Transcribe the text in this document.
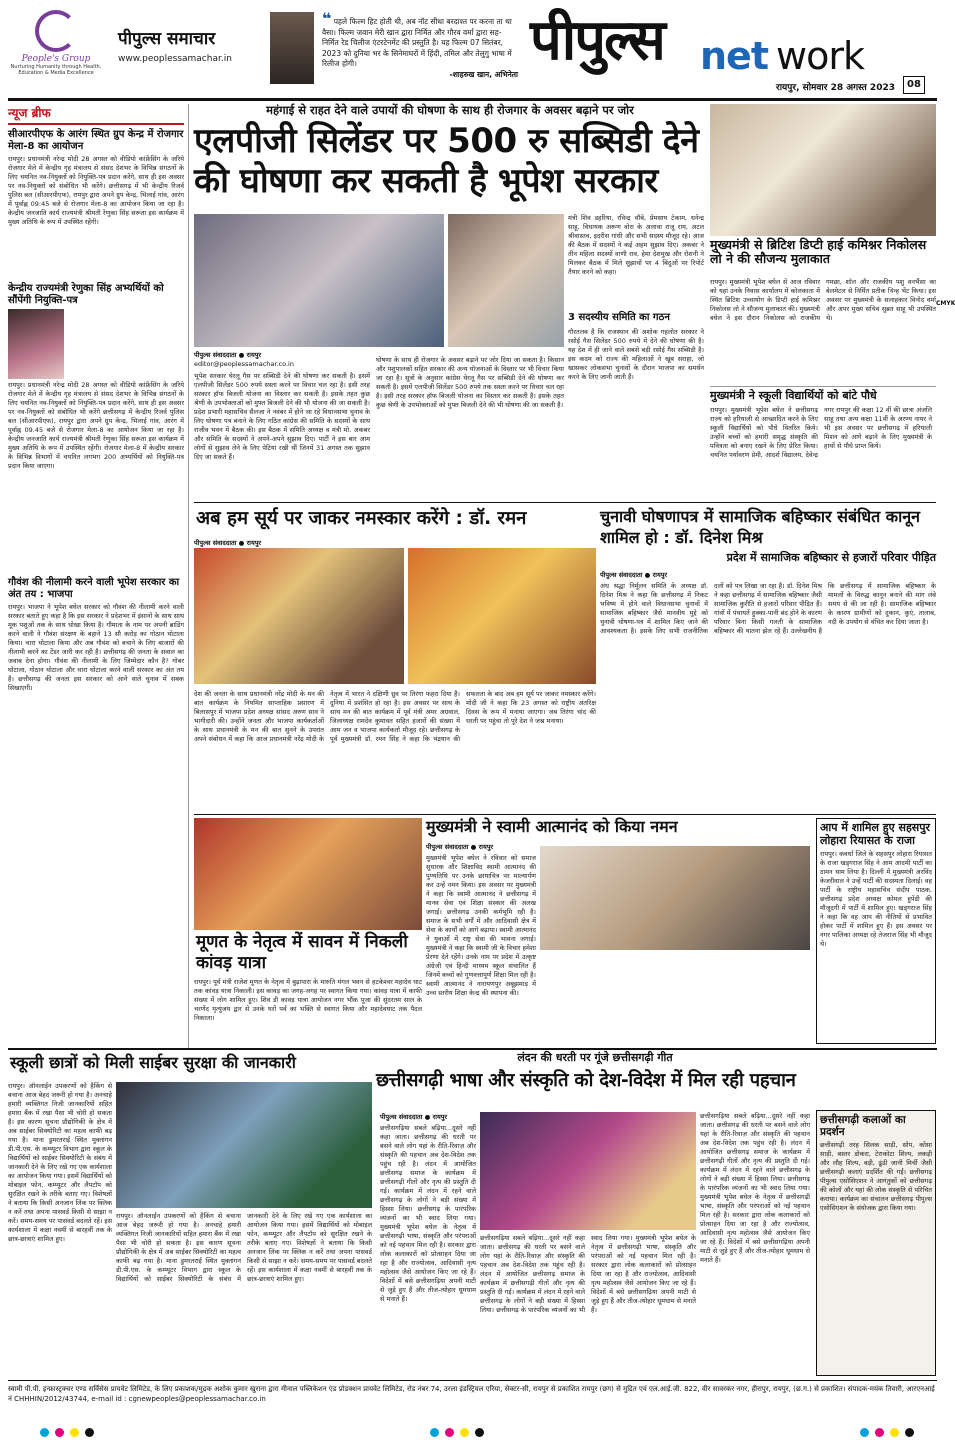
People's Group
Nurturing Humanity through Health, Education & Media Excellence
पीपुल्स समाचार
www.peoplessamachar.in
❝ पहले फिल्म हिट होती थी, अब नॉट सीधा बरदाश्त पर करना ता था वैसा। फिल्म जवान मेरी खान द्वारा निर्मित और गौरव वर्मा द्वारा सह-निर्मित रेड चिलीज एंटरटेनमेंट की प्रस्तुति है। यह फिल्म 07 सितंबर, 2023 को दुनिया भर के सिनेमाघरों में हिंदी, तमिल और तेलुगु भाषा में रिलीज होगी।
-शाहरुख खान, अभिनेता
पीपुल्स net work
रायपुर, सोमवार 28 अगस्त 2023	08
न्यूज ब्रीफ
सीआरपीएफ के आरंग स्थित ग्रुप केन्द्र में रोजगार मेला-8 का आयोजन
रायपुर। प्रधानमंत्री नरेन्द्र मोदी 28 अगस्त को वीडियो कांफ्रेंसिंग के जरिये रोजगार मेले में केन्द्रीय गृह मंत्रालय से संसद देशभर के विभिन्न संगठनों के लिए चयनित नव-नियुक्तों को नियुक्ति-पत्र प्रदान करेंगे, साथ ही इस अवसर पर नव-नियुक्तों को संबोधित भी करेंगे। छत्तीसगढ़ में भी केन्द्रीय रिजर्व पुलिस बल (सीआरपीएफ), रायपुर द्वारा अपने ग्रुप केन्द्र, भिलाई गांव, आरंग में पूर्वाह्न 09:45 बजे से रोजगार मेला-8 का आयोजन किया जा रहा है। केन्द्रीय जनजाति कार्य राज्यमंत्री श्रीमती रेणुका सिंह सरूता इस कार्यक्रम में मुख्य अतिथि के रूप में उपस्थित रहेंगी।
केन्द्रीय राज्यमंत्री रेणुका सिंह अभ्यर्थियों को सौंपेंगी नियुक्ति-पत्र
रायपुर। प्रधानमंत्री नरेन्द्र मोदी 28 अगस्त को वीडियो कांफ्रेंसिंग के जरिये रोजगार मेले में केन्द्रीय गृह मंत्रालय से संसद देशभर के विभिन्न संगठनों के लिए चयनित नव-नियुक्तों को नियुक्ति-पत्र प्रदान करेंगे, साथ ही इस अवसर पर नव-नियुक्तों को संबोधित भी करेंगे छत्तीसगढ़ में केन्द्रीय रिजर्व पुलिस बल (सीआरपीएफ), रायपुर द्वारा अपने ग्रुप केन्द्र, भिलाई गांव, आरंग में पूर्वाह्न 09.45 बजे से रोजगार मेला-8 का आयोजन किया जा रहा है। केन्द्रीय जनजाति कार्य राज्यमंत्री श्रीमती रेणुका सिंह सरूता इस कार्यक्रम में मुख्य अतिथि के रूप में उपस्थित रहेंगी। रोजगार मेला-8 में केन्द्रीय सरकार के विभिन्न विभागों में चयनित लगभग 200 अभ्यर्थियों को नियुक्ति-पत्र प्रदान किया जाएगा।
गौवंश की नीलामी करने वाली भूपेश सरकार का अंत तय : भाजपा
रायपुर। भाजपा ने भूपेश बघेल सरकार को गौवंश की नीलामी करने वाली सरकार बताते हुए कहा है कि इस सरकार ने प्रदेशभर में इंसानों के साथ साथ मूक पशुओं तक के साथ धोखा किया है। गौमाता के नाम पर अपनी ब्राडिंग करने वाली ने गौवंश संरक्षण के बहाने 13 सौ करोड़ का गोठान घोटाला किया। चारा घोटाला किया और अब गौवंश को बचाने के लिए बाजारों की नीलामी करने का टेंडर जारी कर रही है। छत्तीसगढ़ की जनता के सवाल का जवाब देना होगा। गौवंश की नीलामी के लिए जिम्मेदार कौन है? गोबर घोटाला, गोठान घोटाला और चारा घोटाला करने वाली सरकार का अंत तय है। छत्तीसगढ़ की जनता इस सरकार को आने वाले चुनाव में सबक सिखाएगी।
महंगाई से राहत देने वाले उपायों की घोषणा के साथ ही रोजगार के अवसर बढ़ाने पर जोर
एलपीजी सिलेंडर पर 500 रु सब्सिडी देने की घोषणा कर सकती है भूपेश सरकार
पीपुल्स संवाददाता ● रायपुर
editor@peoplessamachar.co.in
भूपेश सरकार घेरलू गैस पर सब्सिडी देने की घोषणा कर सकती है। इसमें एलपीजी सिलेंडर 500 रुपये सस्ता करने पर विचार चल रहा है। इसी तरह सरकार हॉफ बिजली योजना का विस्तार कर सकती है। इसके तहत कुछ श्रेणी के उपभोक्ताओं को मुफ्त बिजली देने की भी योजना की जा सकती है। प्रदेश प्रभारी महासचिव सैलजा ने नवंबर में होने जा रहे विधानसभा चुनाव के लिए घोषणा पत्र बनाने के लिए गठित कांग्रेस की समिति के सदस्यों के साथ राजीव भवन में बैठक की। इस बैठक में समिति अध्यक्ष व मंत्री मो. अकबर और समिति के सदस्यों ने अपने-अपने सुझाव दिए। पार्टी ने इस बार आम लोगों से सुझाव लेने के लिए पेटियां रखी थीं जिनमें 31 अगस्त तक सुझाव दिए जा सकते हैं।
घोषणा के साथ ही रोजगार के अवसर बढ़ाने पर जोर दिया जा सकता है। किसान और पशुपालकों सहित सरकार की अन्य योजनाओं के विस्तार पर भी विचार किया जा रहा है। सूत्रों के अनुसार कांग्रेस घेरलू गैस पर सब्सिडी देने की घोषणा कर सकती है। इसमें एलपीजी सिलेंडर 500 रुपये तक सस्ता करने पर विचार चल रहा है। इसी तरह सरकार हॉफ बिजली योजना का विस्तार कर सकती है। इसके तहत कुछ श्रेणी के उपभोक्ताओं को मुफ्त बिजली देने की भी घोषणा की जा सकती है।
मंत्री शिव डहरिया, रविन्द्र चौबे, प्रेमसाय टेकाम, धनेन्द्र साहू, विधायक अरूण वोरा के अलावा राजू राय, अटल श्रीवास्तव, इदरीस गांधी और सभी सदस्य मौजूद रहे। आज की बैठक में सदस्यों ने कई अहम सुझाव दिए। अकबर ने तीन महिला सदस्यों वाणी राव, हेमा देशमुख और रोशनी ने मिलकर बैठक में मिले सुझावों पर 4 बिंदुओं पर रिपोर्ट तैयार करने को कहा।
3 सदस्यीय समिति का गठन
गौरतलब है कि राजस्थान की अशोक गहलोत सरकार ने रसोई गैस सिलेंडर 500 रुपये में देने की घोषणा की है। यह देश में ही जाने वाले सबसे बड़ी रसोई गैस सब्सिडी है। इस कदम को राज्य की महिलाओं ने खूब सराहा, जो खासकर लोकसभा चुनावों के दौरान भाजपा का समर्थन करने के लिए जानी जाती हैं।
मुख्यमंत्री से ब्रिटिश डिप्टी हाई कमिश्नर निकोलस लो ने की सौजन्य मुलाकात
रायपुर। मुख्यमंत्री भूपेश बघेल से आज रविवार को यहां उनके निवास कार्यालय में कोलकाता में स्थित ब्रिटिश उच्चायोग के डिप्टी हाई कमिश्नर निकोलस लो ने सौजन्य मुलाकात की। मुख्यमंत्री बघेल ने इस दौरान निकोलस को राजकीय गमछा, शॉल और राजकीय पशु वनभैंसा का बेलमेटल से निर्मित प्रतीक चिन्ह भेंट किया। इस अवसर पर मुख्यमंत्री के सलाहकार विनोद वर्मा और अपर मुख्य सचिव सुब्रत साहू भी उपस्थित थे।
मुख्यमंत्री ने स्कूली विद्यार्थियों को बांटे पौधे
रायपुर। मुख्यमंत्री भूपेश बघेल ने छत्तीसगढ़ राज्य को हरियाली से आच्छादित करने के लिए स्कूली विद्यार्थियों को पौधे वितरित किये। उन्होंने बच्चों को हमारी समृद्ध संस्कृति की पवित्रता को बनाए रखने के लिए प्रेरित किया। चयनित पर्यावरण प्रेमी, आदर्श विद्यालय, देवेन्द्र नगर रायपुर की कक्षा 12 वीं की छात्रा अंजलि साहू तथा अन्य कक्षा 11वीं के अरण्य नायर ने भी इस अवसर पर छत्तीसगढ़ में हरियाली मिशन को आगे बढ़ाने के लिए मुख्यमंत्री के हाथों से पौधे प्राप्त किये।
CMYK
अब हम सूर्य पर जाकर नमस्कार करेंगे : डॉ. रमन
पीपुल्स संवाददाता ● रायपुर
देश की जनता के साथ प्रधानमंत्री नरेंद्र मोदी के मन की बात कार्यक्रम के नियमित साप्ताहिक प्रसारण में बिलासपुर में भाजपा प्रदेश अध्यक्ष सांसद अरुण साव ने भागीदारी की। उन्होंने जनता और भाजपा कार्यकर्ताओं के साथ प्रधानमंत्री के मन की बात सुनने के उपरांत अपने संबोधन में कहा कि आज प्रधानमंत्री नरेंद्र मोदी के नेतृत्व में भारत ने दक्षिणी ध्रुव पर तिरंगा फहरा दिया है। दुनिया में प्रशंसित हो रहा है। इस अवसर पर साथ के साथ मन की बात कार्यक्रम में पूर्व मंत्री अमर अग्रवाल, जिलाध्यक्ष रामदेव कुमावत सहित हजारों की संख्या में आम जन व भाजपा कार्यकर्ता मौजूद रहे। छत्तीसगढ़ के पूर्व मुख्यमंत्री डॉ. रमन सिंह ने कहा कि चंद्रयान की सफलता के बाद अब हम सूर्य पर जाकर नमस्कार करेंगे। मोदी जी ने कहा कि 23 अगस्त को राष्ट्रीय अंतरिक्ष दिवस के रूप में मनाया जाएगा। जब तिरंगा चांद की धरती पर पहुंचा तो पूरे देश ने जश्न मनाया।
चुनावी घोषणापत्र में सामाजिक बहिष्कार संबंधित कानून शामिल हो : डॉ. दिनेश मिश्र
प्रदेश में सामाजिक बहिष्कार से हजारों परिवार पीड़ित
पीपुल्स संवाददाता ● रायपुर
अंध श्रद्धा निर्मूलन समिति के अध्यक्ष डॉ. दिनेश मिश्र ने कहा कि छत्तीसगढ़ में निकट भविष्य में होने वाले विधानसभा चुनावों में सामाजिक बहिष्कार जैसे मानवीय मुद्दे को चुनावी घोषणा-पत्र में शामिल किए जाने की आवश्यकता है। इसके लिए सभी राजनीतिक दलों को पत्र लिखा जा रहा है। डॉ. दिनेश मिश्र ने कहा छत्तीसगढ़ में सामाजिक बहिष्कार जैसी सामाजिक कुरीति से हजारों परिवार पीड़ित हैं। गांवों में पंचायतें हुक्का-पानी बंद होने के कारण परिवार बिना किसी गलती के सामाजिक बहिष्कार की यातना झेल रहे हैं। उल्लेखनीय है कि छत्तीसगढ़ में सामाजिक बहिष्कार के मामलों के विरुद्ध कानून बनाने की मांग लंबे समय से की जा रही है। सामाजिक बहिष्कार के कारण ग्रामीणों को दुकान, कुएं, तालाब, नदी के उपयोग से वंचित कर दिया जाता है।
मूणत के नेतृत्व में सावन में निकली कांवड़ यात्रा
रायपुर। पूर्व मंत्री राजेश मूणत के नेतृत्व में बुढ़ापारा के मारुति मंगल भवन से हटकेश्वर महादेव घाट तक कांवड़ यात्रा निकाली। इस कावड़ का जगह-जगह पर स्वागत किया गया। कांवड़ यात्रा में काफी संख्या में लोग शामिल हुए। शिव डी कावड़ यात्रा आयोजन नगर भौंक पूजा की सुंदरतम साल के चरणेंद मृत्युंजय द्वार से उनके घरों पर्व का भक्ति से स्वागत किया और महादेवघाट तक पैदल निकाला।
मुख्यमंत्री ने स्वामी आत्मानंद को किया नमन
पीपुल्स संवाददाता ● रायपुर
मुख्यमंत्री भूपेश बघेल ने रविवार को समाज सुधारक और शिक्षाविद स्वामी आत्मानंद की पुण्यतिथि पर उनके छायाचित्र पर माल्यार्पण कर उन्हें नमन किया। इस अवसर पर मुख्यमंत्री ने कहा कि स्वामी आत्मानंद ने छत्तीसगढ़ में मानव सेवा एवं शिक्षा संस्कार की अलख जगाई। छत्तीसगढ़ उनकी कर्मभूमि रही है। समाज के सभी वर्गों में और आदिवासी क्षेत्र में सेवा के कार्यों को आगे बढ़ाया। स्वामी आत्मानंद ने युवाओं में राष्ट्र सेवा की भावना जगाई। मुख्यमंत्री ने कहा कि स्वामी जी के विचार हमेशा प्रेरणा देते रहेंगे। उनके नाम पर प्रदेश में उत्कृष्ट अंग्रेजी एवं हिन्दी माध्यम स्कूल संचालित हैं जिनमें बच्चों को गुणवत्तापूर्ण शिक्षा मिल रही है। स्वामी आत्मानंद ने नारायणपुर अबूझमाड़ में उच्च स्तरीय शिक्षा केन्द्र की स्थापना की।
आप में शामिल हुए सहसपुर लोहारा रियासत के राजा
रायपुर। कवर्धा जिले के सहसपुर लोहारा रियासत के राजा खड्गराज सिंह ने आम आदमी पार्टी का दामन थाम लिया है। दिल्ली में मुख्यमंत्री अरविंद केजरीवाल ने उन्हें पार्टी की सदस्यता दिलाई। वह पार्टी के राष्ट्रीय महासचिव संदीप पाठक, छत्तीसगढ़ प्रदेश अध्यक्ष कोमल हुपेंडी की मौजूदगी में पार्टी में शामिल हुए। खड्गराज सिंह ने कहा कि वह आप की नीतियों से प्रभावित होकर पार्टी में शामिल हुए हैं। इस अवसर पर नगर पालिका अध्यक्ष रहे तेजराज सिंह भी मौजूद थे।
स्कूली छात्रों को मिली साईबर सुरक्षा की जानकारी
रायपुर। ऑनलाईन उपकरणों को हैकिंग से बचाना आज बेहद जरूरी हो गया है। अनचाहे हमारी व्यक्तिगत निजी जानकारियों सहित हमारा बैंक में रखा पैसा भी चोरी हो सकता है। इस कारण सूचना प्रौद्योगिकी के क्षेत्र में अब साईबर सिक्योरिटी का महत्व काफी बढ़ गया है। माना डुमरतराई स्थित मुक्तांगन डी.पी.एस. के कम्प्यूटर विभाग द्वारा स्कूल के विद्यार्थियों को साईबर सिक्योरिटी के संबंध में जानकारी देने के लिए रखे गए एक कार्यशाला का आयोजन किया गया। इसमें विद्यार्थियों को मोबाइल फोन, कम्प्यूटर और लैपटॉप को सुरक्षित रखने के तरीके बताए गए। विशेषज्ञों ने बताया कि किसी अनजान लिंक पर क्लिक न करें तथा अपना पासवर्ड किसी से साझा न करें। समय-समय पर पासवर्ड बदलते रहें। इस कार्यशाला में कक्षा नवमीं से बारहवीं तक के छात्र-छात्राएं शामिल हुए।
रायपुर। ऑनलाईन उपकरणों को हैकिंग से बचाना आज बेहद जरूरी हो गया है। अनचाहे हमारी व्यक्तिगत निजी जानकारियों सहित हमारा बैंक में रखा पैसा भी चोरी हो सकता है। इस कारण सूचना प्रौद्योगिकी के क्षेत्र में अब साईबर सिक्योरिटी का महत्व काफी बढ़ गया है। माना डुमरतराई स्थित मुक्तांगन डी.पी.एस. के कम्प्यूटर विभाग द्वारा स्कूल के विद्यार्थियों को साईबर सिक्योरिटी के संबंध में जानकारी देने के लिए रखे गए एक कार्यशाला का आयोजन किया गया। इसमें विद्यार्थियों को मोबाइल फोन, कम्प्यूटर और लैपटॉप को सुरक्षित रखने के तरीके बताए गए। विशेषज्ञों ने बताया कि किसी अनजान लिंक पर क्लिक न करें तथा अपना पासवर्ड किसी से साझा न करें। समय-समय पर पासवर्ड बदलते रहें। इस कार्यशाला में कक्षा नवमीं से बारहवीं तक के छात्र-छात्राएं शामिल हुए।
लंदन की धरती पर गूंजे छत्तीसगढ़ी गीत
छत्तीसगढ़ी भाषा और संस्कृति को देश-विदेश में मिल रही पहचान
पीपुल्स संवाददाता ● रायपुर
छत्तीसगढ़िया सबले बढ़िया...दूसरे नहीं कहा जाता। छत्तीसगढ़ की धरती पर बसने वाले लोग यहां के रीति-रिवाज़ और संस्कृति की पहचान अब देश-विदेश तक पहुंच रही है। लंदन में आयोजित छत्तीसगढ़ समाज के कार्यक्रम में छत्तीसगढ़ी गीतों और नृत्य की प्रस्तुति दी गई। कार्यक्रम में लंदन में रहने वाले छत्तीसगढ़ के लोगों ने बड़ी संख्या में हिस्सा लिया। छत्तीसगढ़ के पारंपरिक व्यंजनों का भी स्वाद लिया गया। मुख्यमंत्री भूपेश बघेल के नेतृत्व में छत्तीसगढ़ी भाषा, संस्कृति और परंपराओं को नई पहचान मिल रही है। सरकार द्वारा लोक कलाकारों को प्रोत्साहन दिया जा रहा है और राज्योत्सव, आदिवासी नृत्य महोत्सव जैसे आयोजन किए जा रहे हैं। विदेशों में बसे छत्तीसगढ़िया अपनी माटी से जुड़े हुए हैं और तीज-त्योहार धूमधाम से मनाते हैं।
छत्तीसगढ़िया सबले बढ़िया...दूसरे नहीं कहा जाता। छत्तीसगढ़ की धरती पर बसने वाले लोग यहां के रीति-रिवाज़ और संस्कृति की पहचान अब देश-विदेश तक पहुंच रही है। लंदन में आयोजित छत्तीसगढ़ समाज के कार्यक्रम में छत्तीसगढ़ी गीतों और नृत्य की प्रस्तुति दी गई। कार्यक्रम में लंदन में रहने वाले छत्तीसगढ़ के लोगों ने बड़ी संख्या में हिस्सा लिया। छत्तीसगढ़ के पारंपरिक व्यंजनों का भी स्वाद लिया गया। मुख्यमंत्री भूपेश बघेल के नेतृत्व में छत्तीसगढ़ी भाषा, संस्कृति और परंपराओं को नई पहचान मिल रही है। सरकार द्वारा लोक कलाकारों को प्रोत्साहन दिया जा रहा है और राज्योत्सव, आदिवासी नृत्य महोत्सव जैसे आयोजन किए जा रहे हैं। विदेशों में बसे छत्तीसगढ़िया अपनी माटी से जुड़े हुए हैं और तीज-त्योहार धूमधाम से मनाते हैं।
छत्तीसगढ़िया सबले बढ़िया...दूसरे नहीं कहा जाता। छत्तीसगढ़ की धरती पर बसने वाले लोग यहां के रीति-रिवाज़ और संस्कृति की पहचान अब देश-विदेश तक पहुंच रही है। लंदन में आयोजित छत्तीसगढ़ समाज के कार्यक्रम में छत्तीसगढ़ी गीतों और नृत्य की प्रस्तुति दी गई। कार्यक्रम में लंदन में रहने वाले छत्तीसगढ़ के लोगों ने बड़ी संख्या में हिस्सा लिया। छत्तीसगढ़ के पारंपरिक व्यंजनों का भी स्वाद लिया गया। मुख्यमंत्री भूपेश बघेल के नेतृत्व में छत्तीसगढ़ी भाषा, संस्कृति और परंपराओं को नई पहचान मिल रही है। सरकार द्वारा लोक कलाकारों को प्रोत्साहन दिया जा रहा है और राज्योत्सव, आदिवासी नृत्य महोत्सव जैसे आयोजन किए जा रहे हैं। विदेशों में बसे छत्तीसगढ़िया अपनी माटी से जुड़े हुए हैं और तीज-त्योहार धूमधाम से मनाते हैं।
छत्तीसगढ़ी कलाओं का प्रदर्शन
छत्तीसगढ़ी तरह सिलक साड़ी, सोप, कोसा साड़ी, बस्तर डोकरा, टेराकोटा शिल्प, लकड़ी और लौह शिल्प, बड़ी, ढूंढी जानी मिर्ची जैसी छत्तीसगढ़ी कलाएं प्रदर्शित की गईं। छत्तीसगढ़ पीपुल्स एसोसिएशन ने आगंतुकों को छत्तीसगढ़ की कोलों और यहां की लोक संस्कृति से परिचित कराया। कार्यक्रम का संचालन छत्तीसगढ़ पीपुल्स एसोसिएशन के संयोजक द्वारा किया गया।
स्वामी पी.पी. इन्फ्रास्ट्रक्चर एण्ड सर्विसेस प्रायवेट लिमिटेड, के लिए प्रकाशक/मुद्रक अशोक कुमार खुराना द्वारा मीनाल पब्लिकेशन एंड प्रोडक्शन प्रायवेट लिमिटेड, रोड नंबर 74, उरला इंडस्ट्रियल एरिया, सेक्टर-सी, रायपुर से प्रकाशित रायपुर (छग) से मुद्रित एवं एल.आई.जी. 822, वीर सावरकर नगर, हीरापुर, रायपुर, (छ.ग.) से प्रकाशित। संपादक-मयंक तिवारी, आरएनआई नं CHHHIN/2012/43744, e-mail id : cgnewpeoples@peoplessamachar.co.in
